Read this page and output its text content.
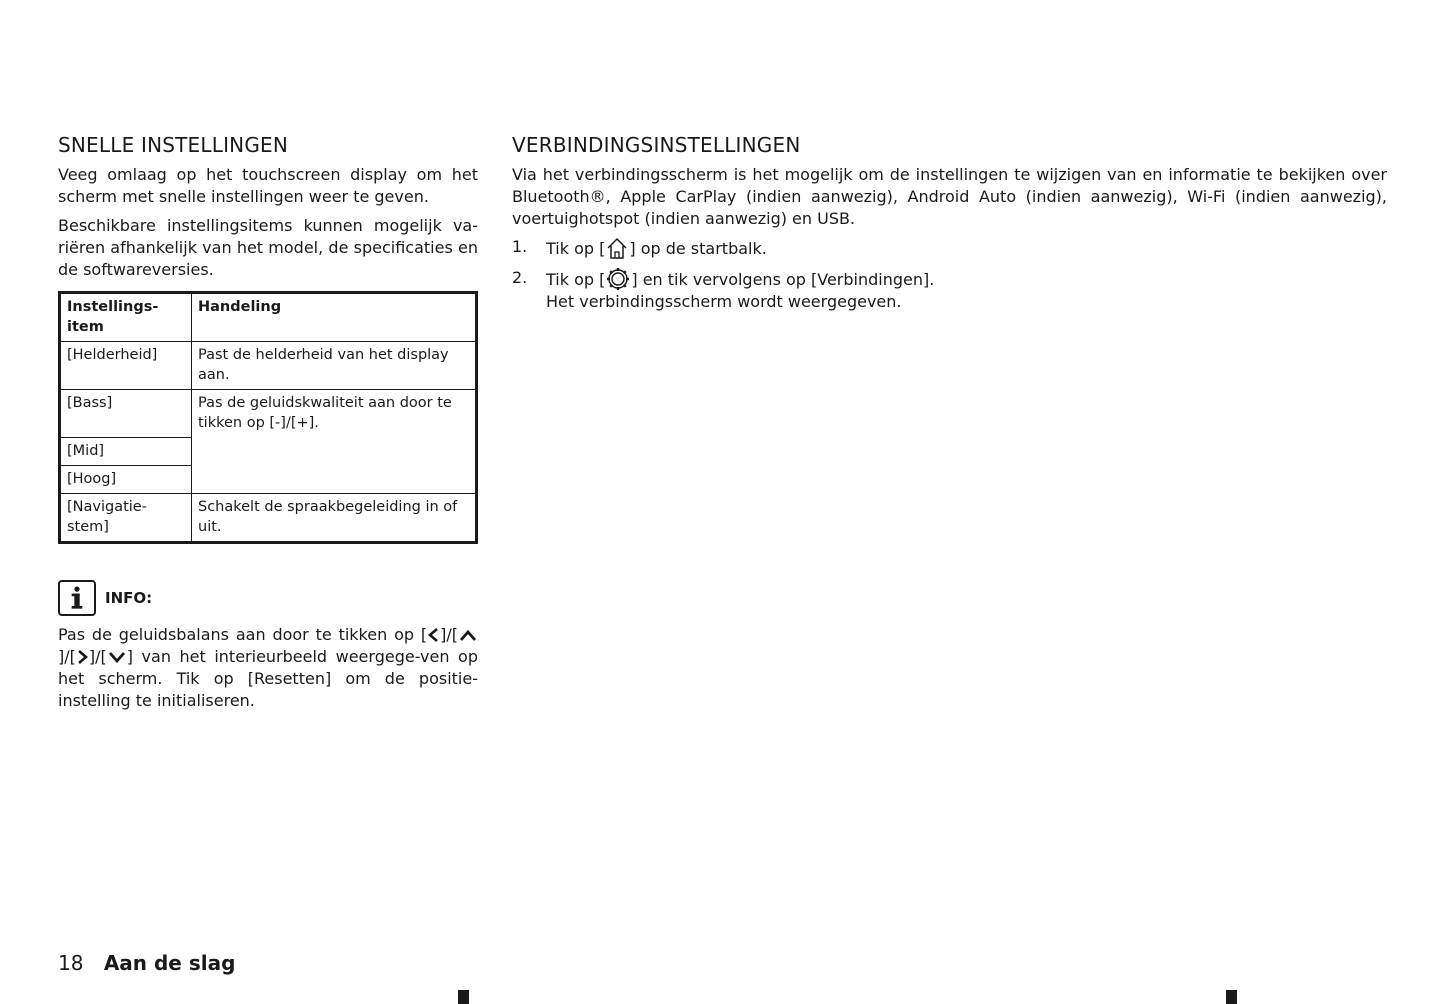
SNELLE INSTELLINGEN

Veeg omlaag op het touchscreen display om het scherm met snelle instellingen weer te geven.

Beschikbare instellingsitems kunnen mogelijk va-riëren afhankelijk van het model, de specificaties en de softwareversies.

Instellings-item	Handeling
[Helderheid]	Past de helderheid van het display aan.
[Bass]	Pas de geluidskwaliteit aan door te tikken op [-]/[+].
[Mid]	
[Hoog]	
[Navigatie-stem]	Schakelt de spraakbegeleiding in of uit.
INFO:

Pas de geluidsbalans aan door te tikken op [ ]/[]/[ ]/[ ] van het interieurbeeld weergege-ven op het scherm. Tik op [Resetten] om de positie-instelling te initialiseren.

VERBINDINGSINSTELLINGEN

Via het verbindingsscherm is het mogelijk om de instellingen te wijzigen van en informatie te bekijken over Bluetooth®, Apple CarPlay (indien aanwezig), Android Auto (indien aanwezig), Wi-Fi (indien aanwezig), voertuighotspot (indien aanwezig) en USB.

1.	Tik op [ ] op de startbalk.
2.	Tik op [ ] en tik vervolgens op [Verbindingen].
Het verbindingsscherm wordt weergegeven.
18 Aan de slag
